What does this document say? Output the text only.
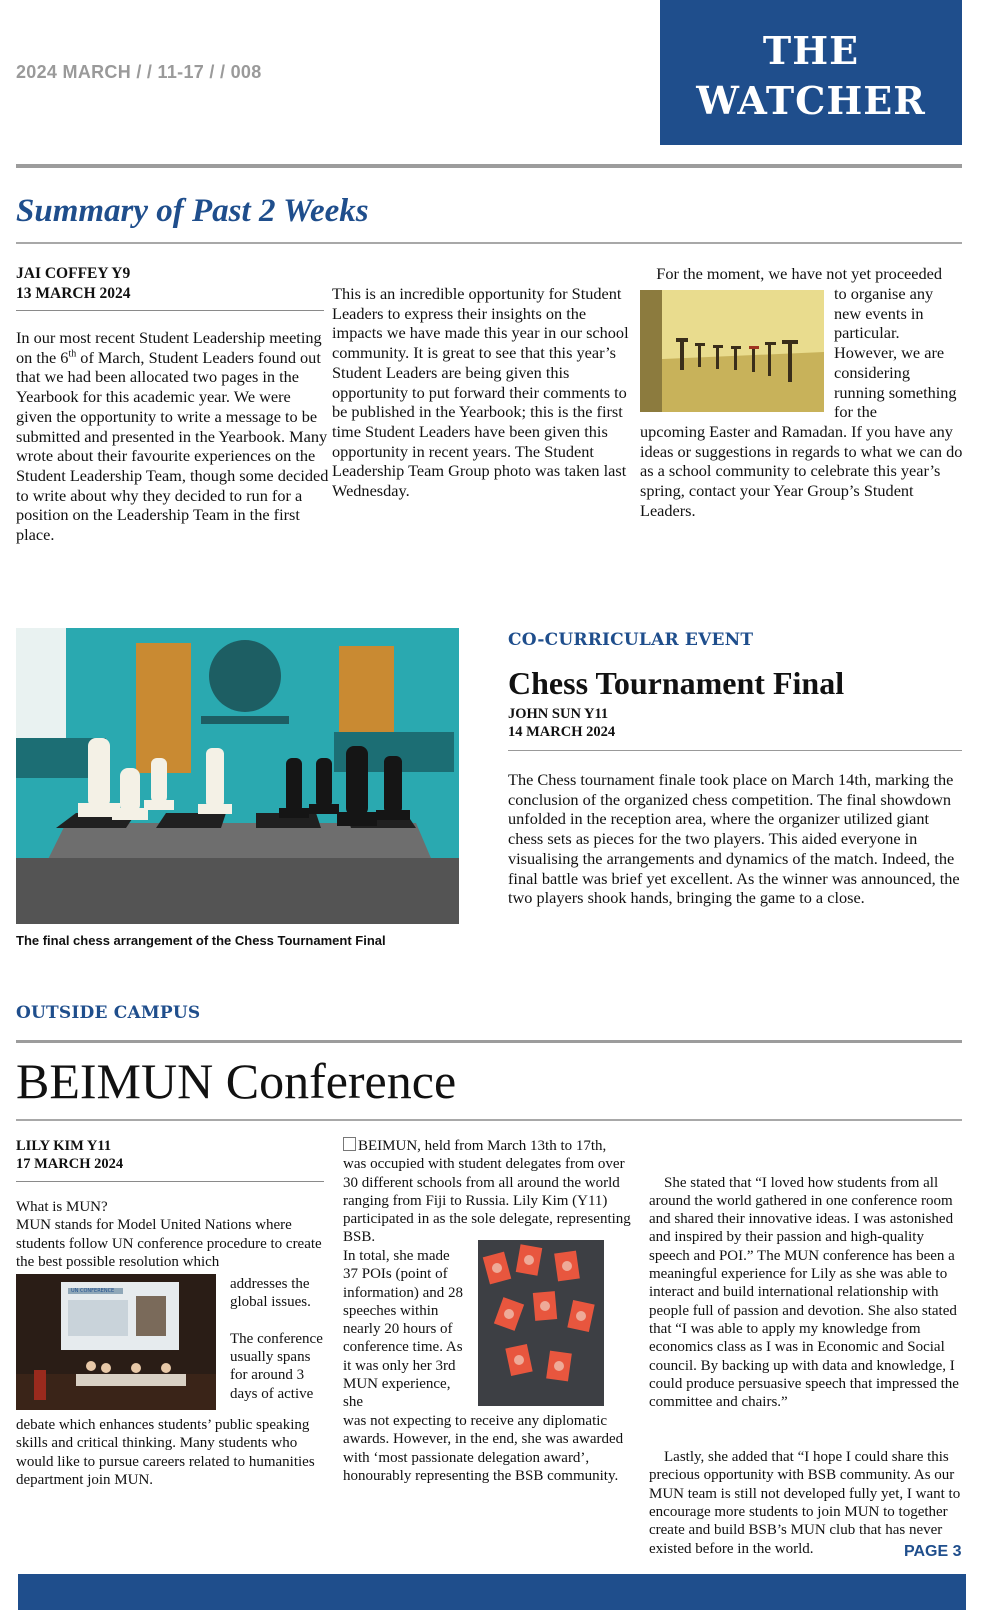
2024 MARCH / / 11-17 / / 008	THE
WATCHER
Summary of Past 2 Weeks
JAI COFFEY Y9
13 MARCH 2024
In our most recent Student Leadership meeting on the 6th of March, Student Leaders found out that we had been allocated two pages in the Yearbook for this academic year. We were given the opportunity to write a message to be submitted and presented in the Yearbook. Many wrote about their favourite experiences on the Student Leadership Team, though some decided to write about why they decided to run for a position on the Leadership Team in the first place.
This is an incredible opportunity for Student Leaders to express their insights on the impacts we have made this year in our school community. It is great to see that this year’s Student Leaders are being given this opportunity to put forward their comments to be published in the Yearbook; this is the first time Student Leaders have been given this opportunity in recent years. The Student Leadership Team Group photo was taken last Wednesday.
For the moment, we have not yet proceeded
to organise any new events in particular. However, we are considering running something for the
upcoming Easter and Ramadan. If you have any ideas or suggestions in regards to what we can do as a school community to celebrate this year’s spring, contact your Year Group’s Student Leaders.
The final chess arrangement of the Chess Tournament Final
CO-CURRICULAR EVENT
Chess Tournament Final
JOHN SUN Y11
14 MARCH 2024
The Chess tournament finale took place on March 14th, marking the conclusion of the organized chess competition. The final showdown unfolded in the reception area, where the organizer utilized giant chess sets as pieces for the two players. This aided everyone in visualising the arrangements and dynamics of the match. Indeed, the final battle was brief yet excellent. As the winner was announced, the two players shook hands, bringing the game to a close.
OUTSIDE CAMPUS
BEIMUN Conference
LILY KIM Y11
17 MARCH 2024
What is MUN?
MUN stands for Model United Nations where students follow UN conference procedure to create the best possible resolution which
UN CONFERENCE	addresses the global issues.

The conference usually spans for around 3 days of active
debate which enhances students’ public speaking skills and critical thinking. Many students who would like to pursue careers related to humanities department join MUN.
BEIMUN, held from March 13th to 17th, was occupied with student delegates from over 30 different schools from all around the world ranging from Fiji to Russia. Lily Kim (Y11) participated in as the sole delegate, representing BSB.
In total, she made 37 POIs (point of information) and 28 speeches within nearly 20 hours of conference time. As it was only her 3rd MUN experience, she
was not expecting to receive any diplomatic awards. However, in the end, she was awarded with ‘most passionate delegation award’, honourably representing the BSB community.

She stated that “I loved how students from all around the world gathered in one conference room and shared their innovative ideas. I was astonished and inspired by their passion and high-quality speech and POI.” The MUN conference has been a meaningful experience for Lily as she was able to interact and build international relationship with people full of passion and devotion. She also stated that “I was able to apply my knowledge from economics class as I was in Economic and Social council. By backing up with data and knowledge, I could produce persuasive speech that impressed the committee and chairs.”

Lastly, she added that “I hope I could share this precious opportunity with BSB community. As our MUN team is still not developed fully yet, I want to encourage more students to join MUN to together create and build BSB’s MUN club that has never existed before in the world.	PAGE 3
